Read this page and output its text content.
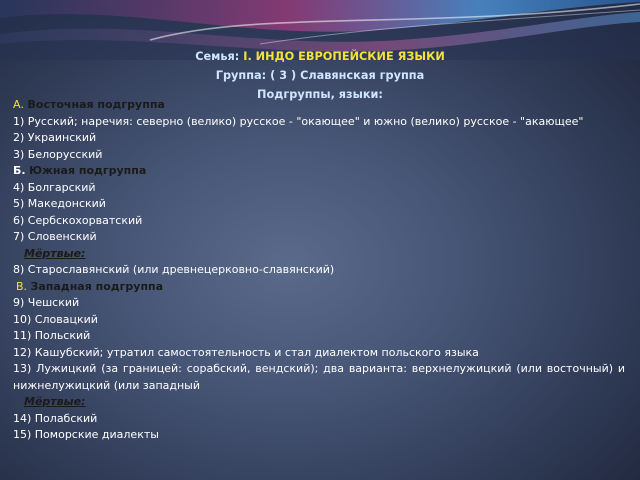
Семья: I. ИНДО ЕВРОПЕЙСКИЕ ЯЗЫКИ
Группа: ( 3 ) Славянская группа
Подгруппы, языки:

А. Восточная подгруппа

1) Русский; наречия: северно (велико) русское - "окающее" и южно (велико) русское - "акающее"

2) Украинский

3) Белорусский

Б. Южная подгруппа

4) Болгарский

5) Македонский

6) Сербскохорватский

7) Словенский

Мёртвые:

8) Старославянский (или древнецерковно-славянский)

В. Западная подгруппа

9) Чешский

10) Словацкий

11) Польский

12) Кашубский; утратил самостоятельность и стал диалектом польского языка

13) Лужицкий (за границей: сорабский, вендский); два варианта: верхнелужицкий (или восточный) и нижнелужицкий (или западный

Мёртвые:

14) Полабский

15) Поморские диалекты
